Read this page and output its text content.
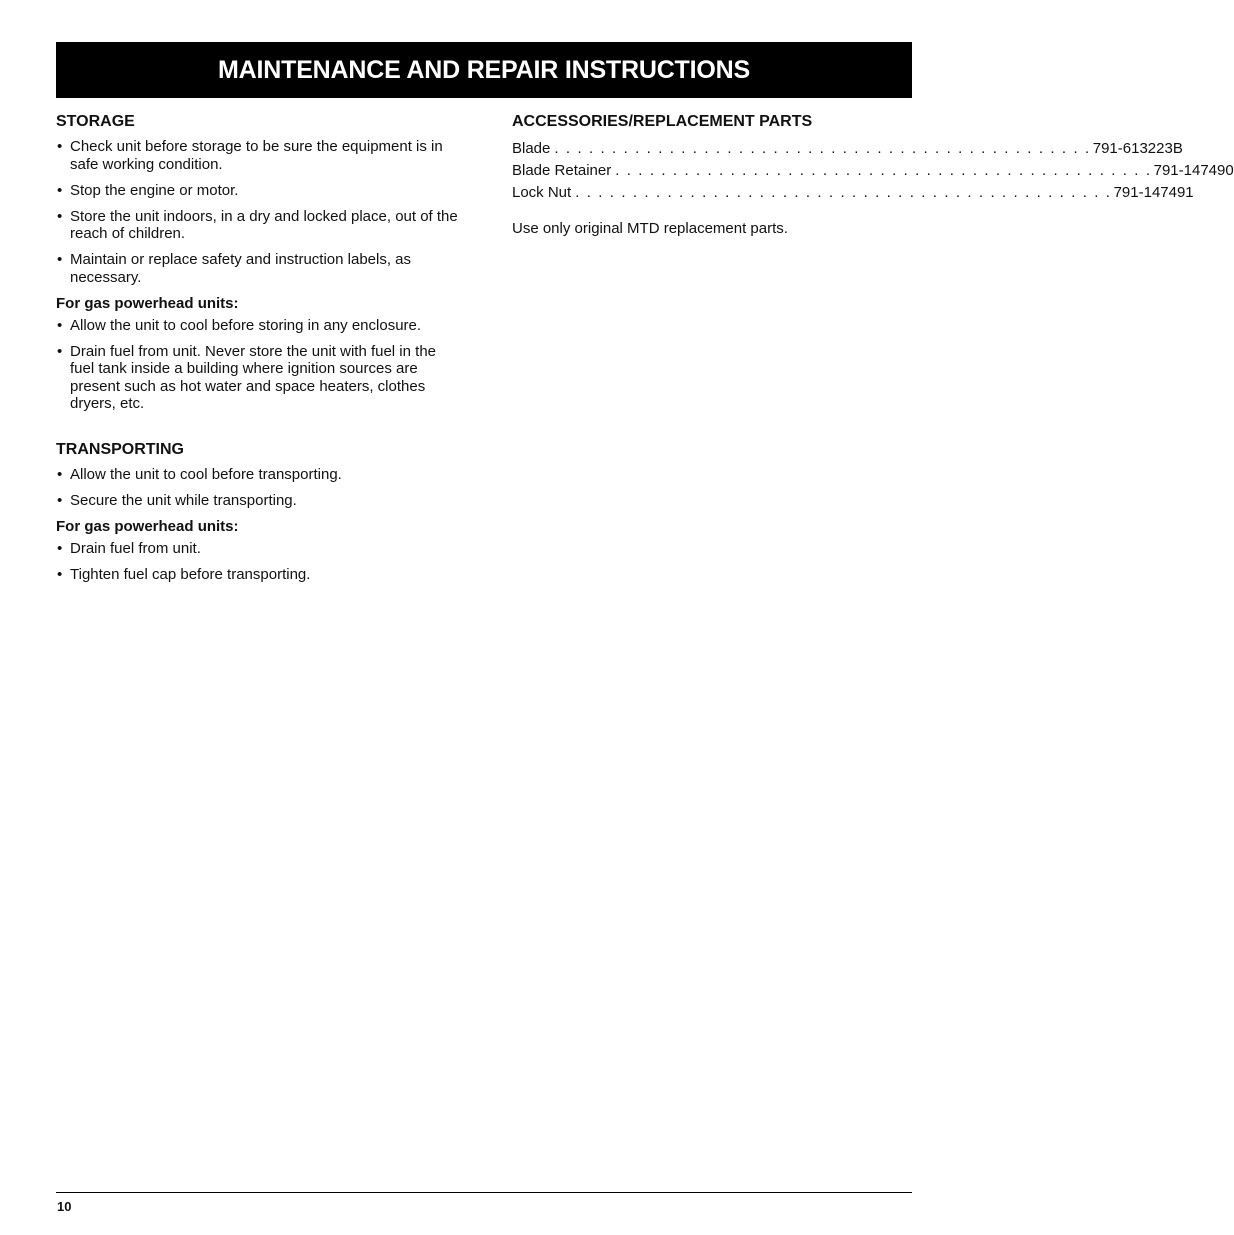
MAINTENANCE AND REPAIR INSTRUCTIONS
STORAGE
• Check unit before storage to be sure the equipment is in safe working condition.
• Stop the engine or motor.
• Store the unit indoors, in a dry and locked place, out of the reach of children.
• Maintain or replace safety and instruction labels, as necessary.
For gas powerhead units:
• Allow the unit to cool before storing in any enclosure.
• Drain fuel from unit. Never store the unit with fuel in the fuel tank inside a building where ignition sources are present such as hot water and space heaters, clothes dryers, etc.
TRANSPORTING
• Allow the unit to cool before transporting.
• Secure the unit while transporting.
For gas powerhead units:
• Drain fuel from unit.
• Tighten fuel cap before transporting.
ACCESSORIES/REPLACEMENT PARTS
Blade . . . . . . . . . . . . . . . . . . . . . . . . . . . . . . . . . . . . . . . . . . . . . . . 791-613223B
Blade Retainer . . . . . . . . . . . . . . . . . . . . . . . . . . . . . . . . . . . . . . . . . . . . . . . 791-147490
Lock Nut . . . . . . . . . . . . . . . . . . . . . . . . . . . . . . . . . . . . . . . . . . . . . . . 791-147491

Use only original MTD replacement parts.

10
